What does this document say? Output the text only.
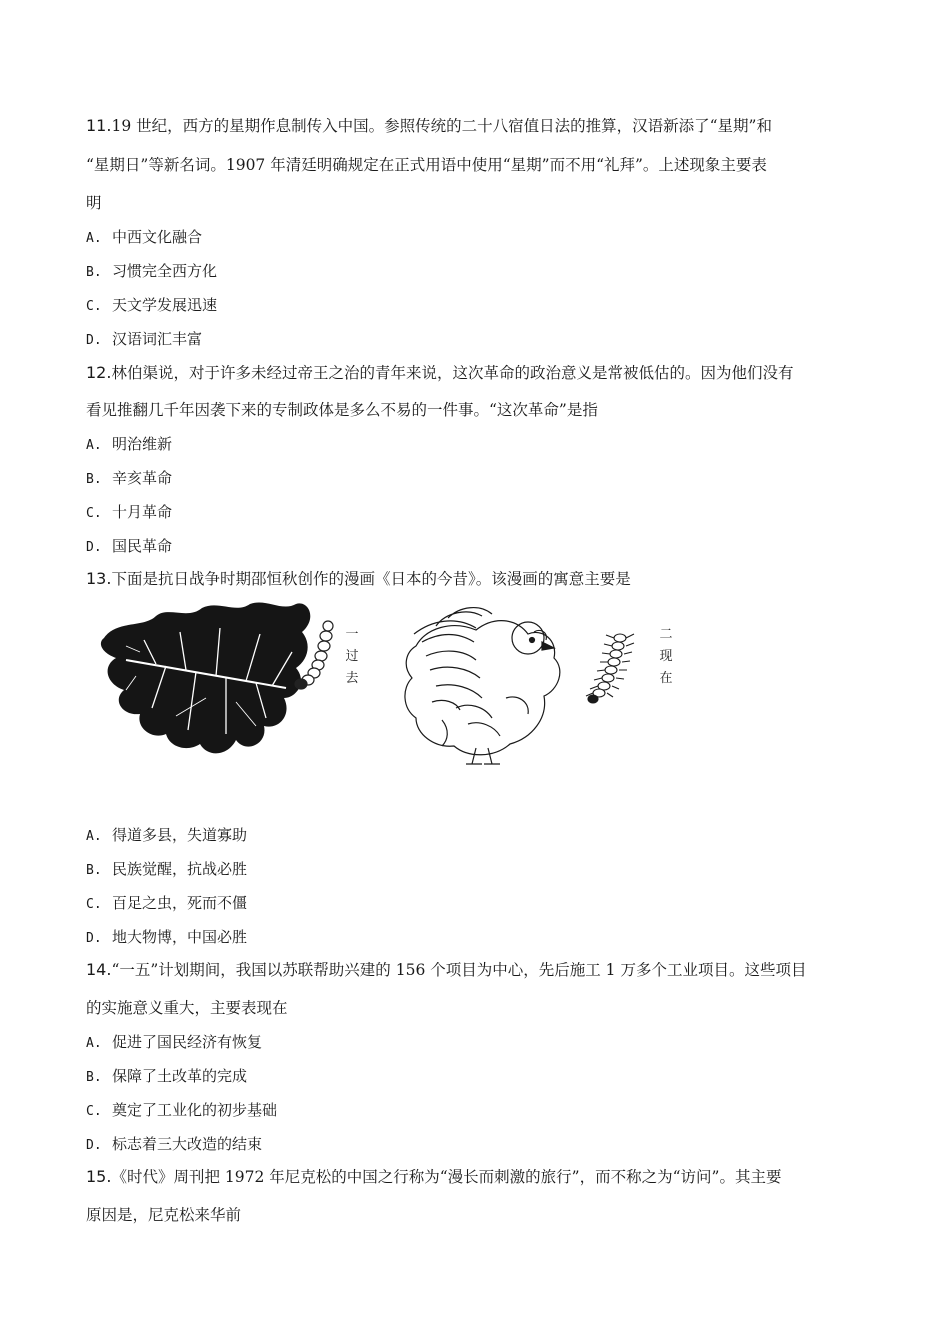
11.19 世纪，西方的星期作息制传入中国。参照传统的二十八宿值日法的推算，汉语新添了“星期”和
“星期日”等新名词。1907 年清廷明确规定在正式用语中使用“星期”而不用“礼拜”。上述现象主要表
明
A. 中西文化融合
B. 习惯完全西方化
C. 天文学发展迅速
D. 汉语词汇丰富
12.林伯渠说，对于许多未经过帝王之治的青年来说，这次革命的政治意义是常被低估的。因为他们没有
看见推翻几千年因袭下来的专制政体是多么不易的一件事。“这次革命”是指
A. 明治维新
B. 辛亥革命
C. 十月革命
D. 国民革命
13.下面是抗日战争时期邵恒秋创作的漫画《日本的今昔》。该漫画的寓意主要是
一过去
二现在
A. 得道多县，失道寡助
B. 民族觉醒，抗战必胜
C. 百足之虫，死而不僵
D. 地大物博，中国必胜
14.“一五”计划期间，我国以苏联帮助兴建的 156 个项目为中心，先后施工 1 万多个工业项目。这些项目
的实施意义重大，主要表现在
A. 促进了国民经济有恢复
B. 保障了土改革的完成
C. 奠定了工业化的初步基础
D. 标志着三大改造的结束
15.《时代》周刊把 1972 年尼克松的中国之行称为“漫长而刺激的旅行”，而不称之为“访问”。其主要
原因是，尼克松来华前
